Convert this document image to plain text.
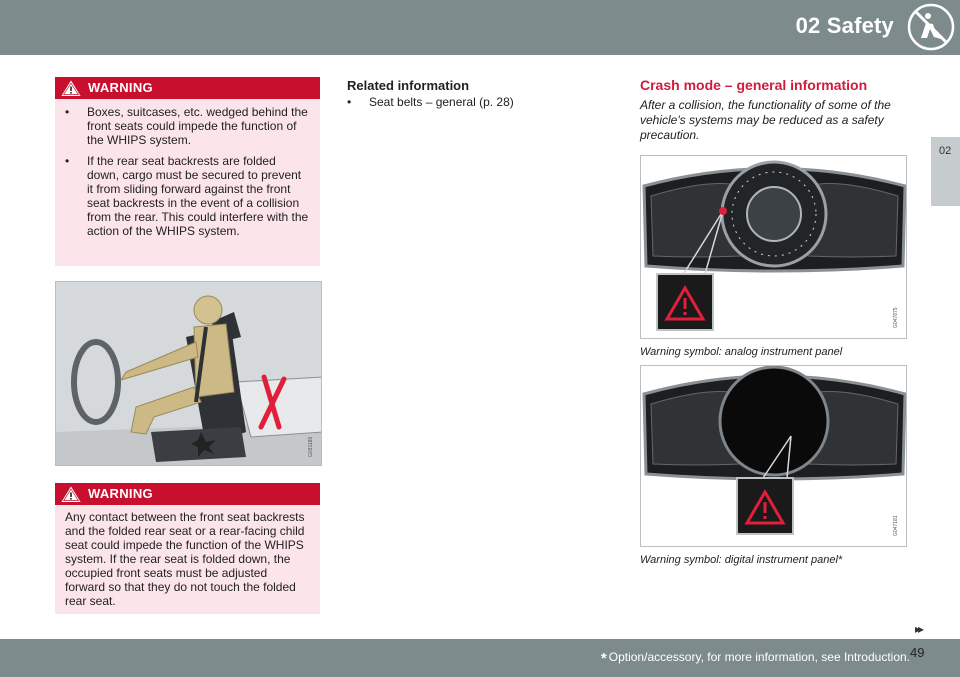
02 Safety
02
WARNING
• Boxes, suitcases, etc. wedged behind the front seats could impede the function of the WHIPS system.
• If the rear seat backrests are folded down, cargo must be secured to prevent it from sliding forward against the front seat backrests in the event of a collision from the rear. This could interfere with the action of the WHIPS system.
G031189
WARNING

Any contact between the front seat backrests and the folded rear seat or a rear-facing child seat could impede the function of the WHIPS system. If the rear seat is folded down, the occupied front seats must be adjusted forward so that they do not touch the folded rear seat.

Related information
• Seat belts – general (p. 28)
Crash mode – general information
After a collision, the functionality of some of the vehicle's systems may be reduced as a safety precaution.
G047875
Warning symbol: analog instrument panel
G047181
Warning symbol: digital instrument panel*
▸▸
* Option/accessory, for more information, see Introduction. 49
